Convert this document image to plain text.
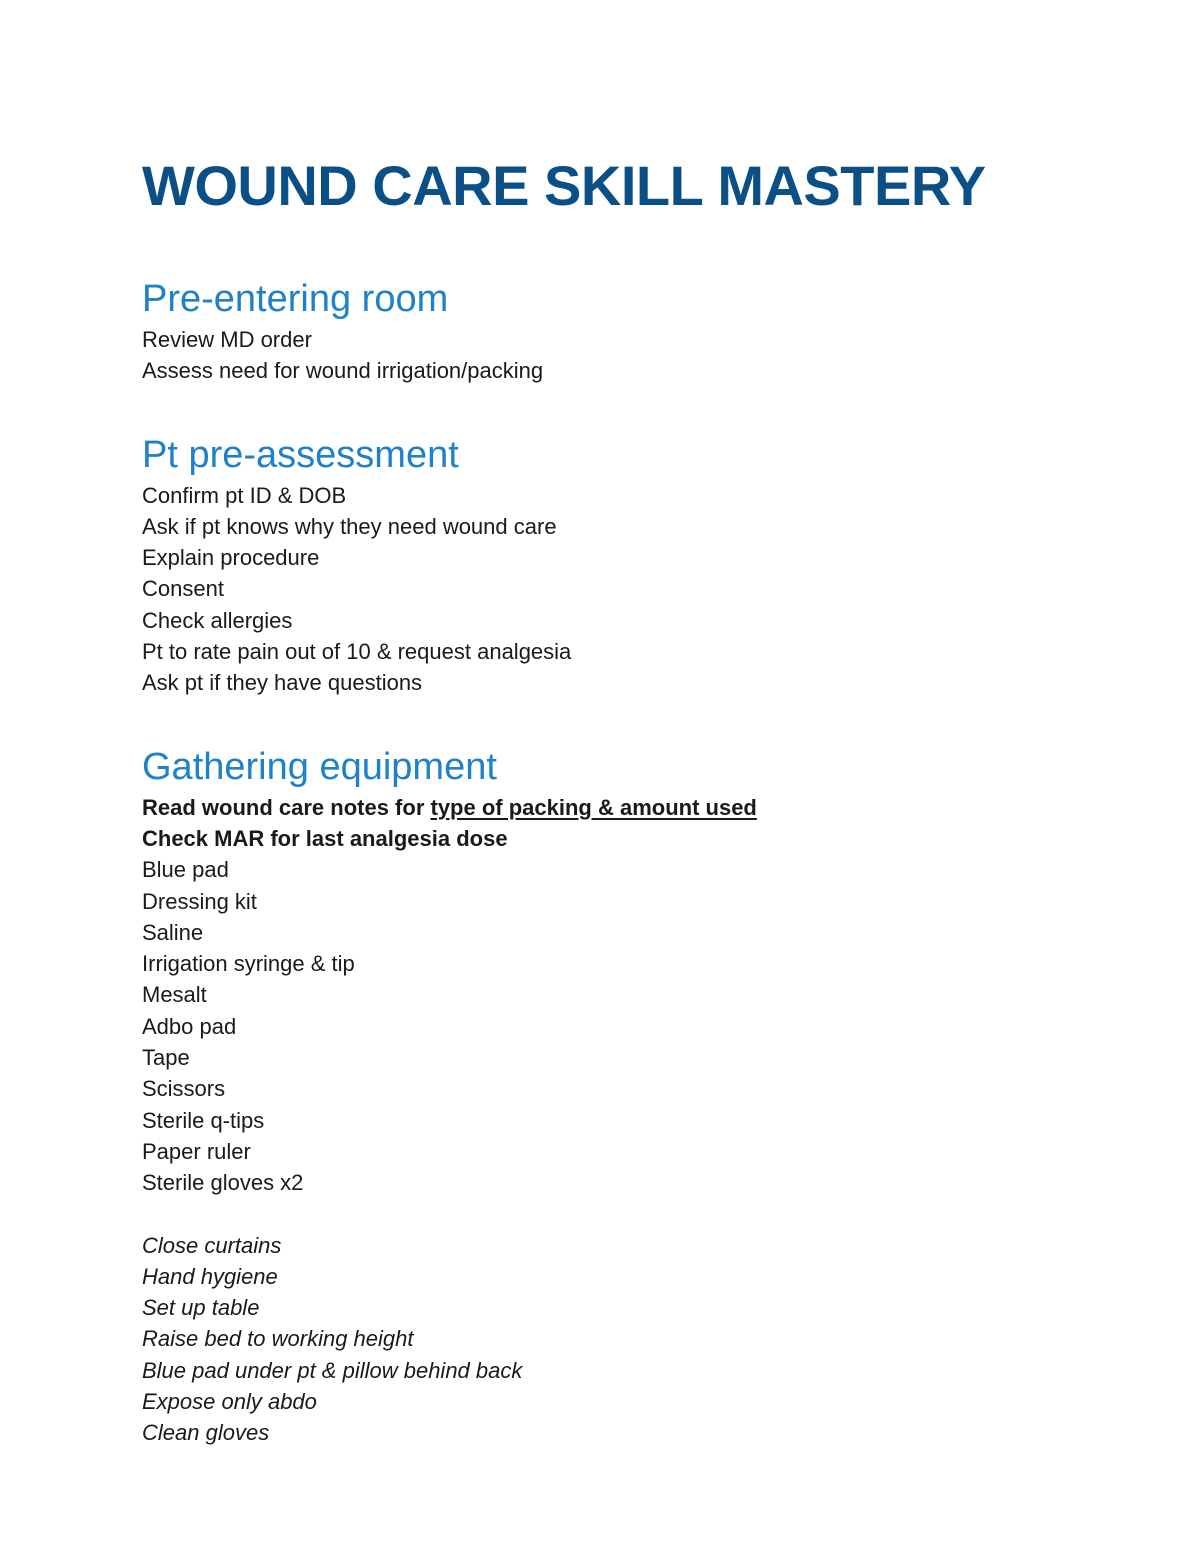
WOUND CARE SKILL MASTERY
Pre-entering room
Review MD order
Assess need for wound irrigation/packing
Pt pre-assessment
Confirm pt ID & DOB
Ask if pt knows why they need wound care
Explain procedure
Consent
Check allergies
Pt to rate pain out of 10 & request analgesia
Ask pt if they have questions
Gathering equipment
Read wound care notes for type of packing & amount used
Check MAR for last analgesia dose
Blue pad
Dressing kit
Saline
Irrigation syringe & tip
Mesalt
Adbo pad
Tape
Scissors
Sterile q-tips
Paper ruler
Sterile gloves x2
Close curtains
Hand hygiene
Set up table
Raise bed to working height
Blue pad under pt & pillow behind back
Expose only abdo
Clean gloves
